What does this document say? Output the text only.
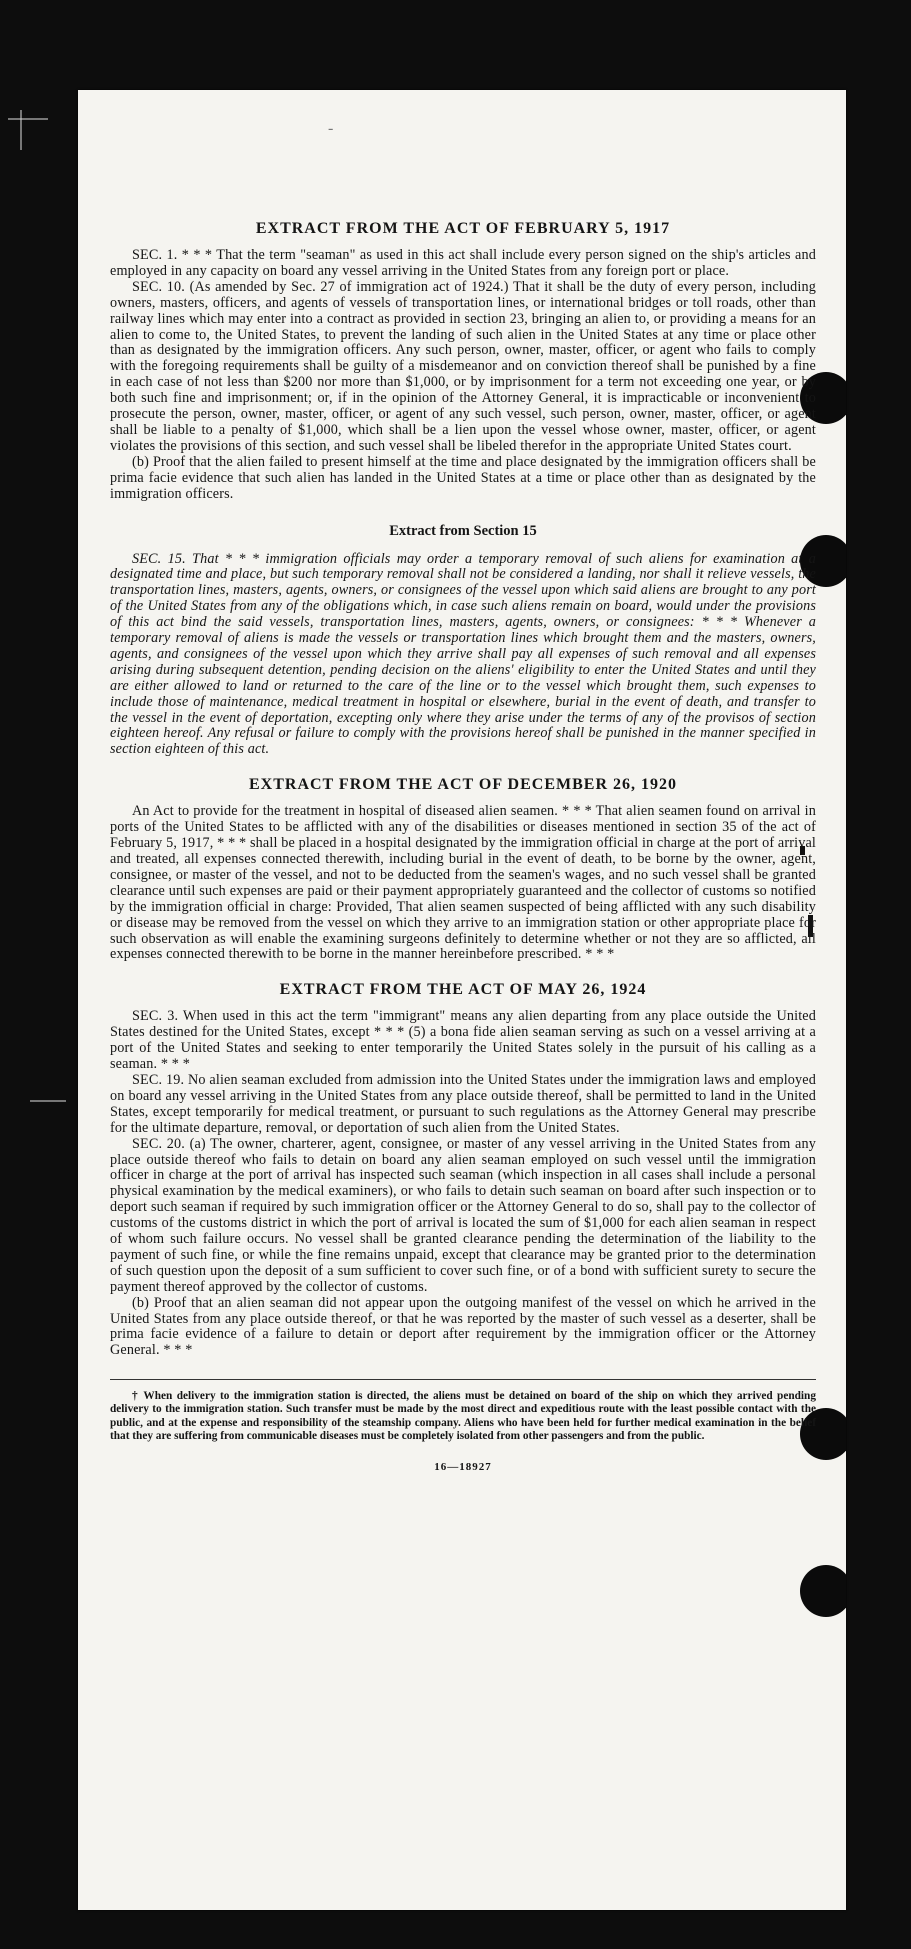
-
EXTRACT FROM THE ACT OF FEBRUARY 5, 1917

SEC. 1. * * * That the term "seaman" as used in this act shall include every person signed on the ship's articles and employed in any capacity on board any vessel arriving in the United States from any foreign port or place.

SEC. 10. (As amended by Sec. 27 of immigration act of 1924.) That it shall be the duty of every person, including owners, masters, officers, and agents of vessels of transportation lines, or international bridges or toll roads, other than railway lines which may enter into a contract as provided in section 23, bringing an alien to, or providing a means for an alien to come to, the United States, to prevent the landing of such alien in the United States at any time or place other than as designated by the immigration officers. Any such person, owner, master, officer, or agent who fails to comply with the foregoing requirements shall be guilty of a misdemeanor and on conviction thereof shall be punished by a fine in each case of not less than $200 nor more than $1,000, or by imprisonment for a term not exceeding one year, or by both such fine and imprisonment; or, if in the opinion of the Attorney General, it is impracticable or inconvenient to prosecute the person, owner, master, officer, or agent of any such vessel, such person, owner, master, officer, or agent shall be liable to a penalty of $1,000, which shall be a lien upon the vessel whose owner, master, officer, or agent violates the provisions of this section, and such vessel shall be libeled therefor in the appropriate United States court.

(b) Proof that the alien failed to present himself at the time and place designated by the immigration officers shall be prima facie evidence that such alien has landed in the United States at a time or place other than as designated by the immigration officers.

Extract from Section 15

SEC. 15. That * * * immigration officials may order a temporary removal of such aliens for examination at a designated time and place, but such temporary removal shall not be considered a landing, nor shall it relieve vessels, the transportation lines, masters, agents, owners, or consignees of the vessel upon which said aliens are brought to any port of the United States from any of the obligations which, in case such aliens remain on board, would under the provisions of this act bind the said vessels, transportation lines, masters, agents, owners, or consignees: * * * Whenever a temporary removal of aliens is made the vessels or transportation lines which brought them and the masters, owners, agents, and consignees of the vessel upon which they arrive shall pay all expenses of such removal and all expenses arising during subsequent detention, pending decision on the aliens' eligibility to enter the United States and until they are either allowed to land or returned to the care of the line or to the vessel which brought them, such expenses to include those of maintenance, medical treatment in hospital or elsewhere, burial in the event of death, and transfer to the vessel in the event of deportation, excepting only where they arise under the terms of any of the provisos of section eighteen hereof. Any refusal or failure to comply with the provisions hereof shall be punished in the manner specified in section eighteen of this act.

EXTRACT FROM THE ACT OF DECEMBER 26, 1920

An Act to provide for the treatment in hospital of diseased alien seamen. * * * That alien seamen found on arrival in ports of the United States to be afflicted with any of the disabilities or diseases mentioned in section 35 of the act of February 5, 1917, * * * shall be placed in a hospital designated by the immigration official in charge at the port of arrival and treated, all expenses connected therewith, including burial in the event of death, to be borne by the owner, agent, consignee, or master of the vessel, and not to be deducted from the seamen's wages, and no such vessel shall be granted clearance until such expenses are paid or their payment appropriately guaranteed and the collector of customs so notified by the immigration official in charge: Provided, That alien seamen suspected of being afflicted with any such disability or disease may be removed from the vessel on which they arrive to an immigration station or other appropriate place for such observation as will enable the examining surgeons definitely to determine whether or not they are so afflicted, all expenses connected therewith to be borne in the manner hereinbefore prescribed. * * *

EXTRACT FROM THE ACT OF MAY 26, 1924

SEC. 3. When used in this act the term "immigrant" means any alien departing from any place outside the United States destined for the United States, except * * * (5) a bona fide alien seaman serving as such on a vessel arriving at a port of the United States and seeking to enter temporarily the United States solely in the pursuit of his calling as a seaman. * * *

SEC. 19. No alien seaman excluded from admission into the United States under the immigration laws and employed on board any vessel arriving in the United States from any place outside thereof, shall be permitted to land in the United States, except temporarily for medical treatment, or pursuant to such regulations as the Attorney General may prescribe for the ultimate departure, removal, or deportation of such alien from the United States.

SEC. 20. (a) The owner, charterer, agent, consignee, or master of any vessel arriving in the United States from any place outside thereof who fails to detain on board any alien seaman employed on such vessel until the immigration officer in charge at the port of arrival has inspected such seaman (which inspection in all cases shall include a personal physical examination by the medical examiners), or who fails to detain such seaman on board after such inspection or to deport such seaman if required by such immigration officer or the Attorney General to do so, shall pay to the collector of customs of the customs district in which the port of arrival is located the sum of $1,000 for each alien seaman in respect of whom such failure occurs. No vessel shall be granted clearance pending the determination of the liability to the payment of such fine, or while the fine remains unpaid, except that clearance may be granted prior to the determination of such question upon the deposit of a sum sufficient to cover such fine, or of a bond with sufficient surety to secure the payment thereof approved by the collector of customs.

(b) Proof that an alien seaman did not appear upon the outgoing manifest of the vessel on which he arrived in the United States from any place outside thereof, or that he was reported by the master of such vessel as a deserter, shall be prima facie evidence of a failure to detain or deport after requirement by the immigration officer or the Attorney General. * * *

† When delivery to the immigration station is directed, the aliens must be detained on board of the ship on which they arrived pending delivery to the immigration station. Such transfer must be made by the most direct and expeditious route with the least possible contact with the public, and at the expense and responsibility of the steamship company. Aliens who have been held for further medical examination in the belief that they are suffering from communicable diseases must be completely isolated from other passengers and from the public.

16—18927
